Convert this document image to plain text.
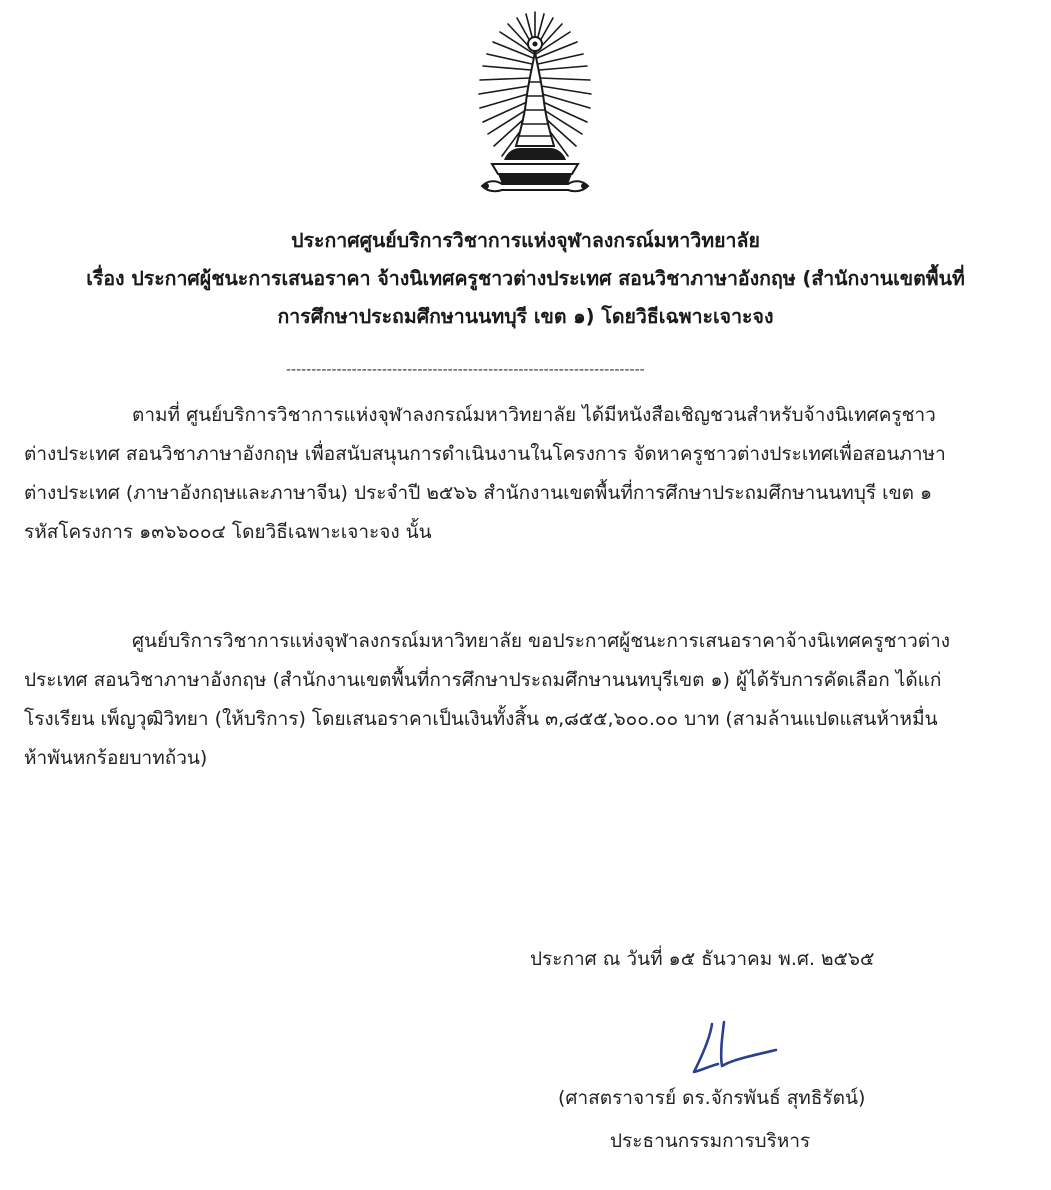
ประกาศศูนย์บริการวิชาการแห่งจุฬาลงกรณ์มหาวิทยาลัย
เรื่อง ประกาศผู้ชนะการเสนอราคา จ้างนิเทศครูชาวต่างประเทศ สอนวิชาภาษาอังกฤษ (สำนักงานเขตพื้นที่
การศึกษาประถมศึกษานนทบุรี เขต ๑) โดยวิธีเฉพาะเจาะจง
-----------------------------------------------------------------------
ตามที่ ศูนย์บริการวิชาการแห่งจุฬาลงกรณ์มหาวิทยาลัย ได้มีหนังสือเชิญชวนสำหรับจ้างนิเทศครูชาว
ต่างประเทศ สอนวิชาภาษาอังกฤษ เพื่อสนับสนุนการดำเนินงานในโครงการ จัดหาครูชาวต่างประเทศเพื่อสอนภาษา
ต่างประเทศ (ภาษาอังกฤษและภาษาจีน) ประจำปี ๒๕๖๖ สำนักงานเขตพื้นที่การศึกษาประถมศึกษานนทบุรี เขต ๑
รหัสโครงการ ๑๓๖๖๐๐๔ โดยวิธีเฉพาะเจาะจง นั้น
ศูนย์บริการวิชาการแห่งจุฬาลงกรณ์มหาวิทยาลัย ขอประกาศผู้ชนะการเสนอราคาจ้างนิเทศครูชาวต่าง
ประเทศ สอนวิชาภาษาอังกฤษ (สำนักงานเขตพื้นที่การศึกษาประถมศึกษานนทบุรีเขต ๑) ผู้ได้รับการคัดเลือก ได้แก่
โรงเรียน เพ็ญวุฒิวิทยา (ให้บริการ) โดยเสนอราคาเป็นเงินทั้งสิ้น ๓,๘๕๕,๖๐๐.๐๐ บาท (สามล้านแปดแสนห้าหมื่น
ห้าพันหกร้อยบาทถ้วน)
ประกาศ ณ วันที่ ๑๕ ธันวาคม พ.ศ. ๒๕๖๕
(ศาสตราจารย์ ดร.จักรพันธ์ สุทธิรัตน์)
ประธานกรรมการบริหาร
